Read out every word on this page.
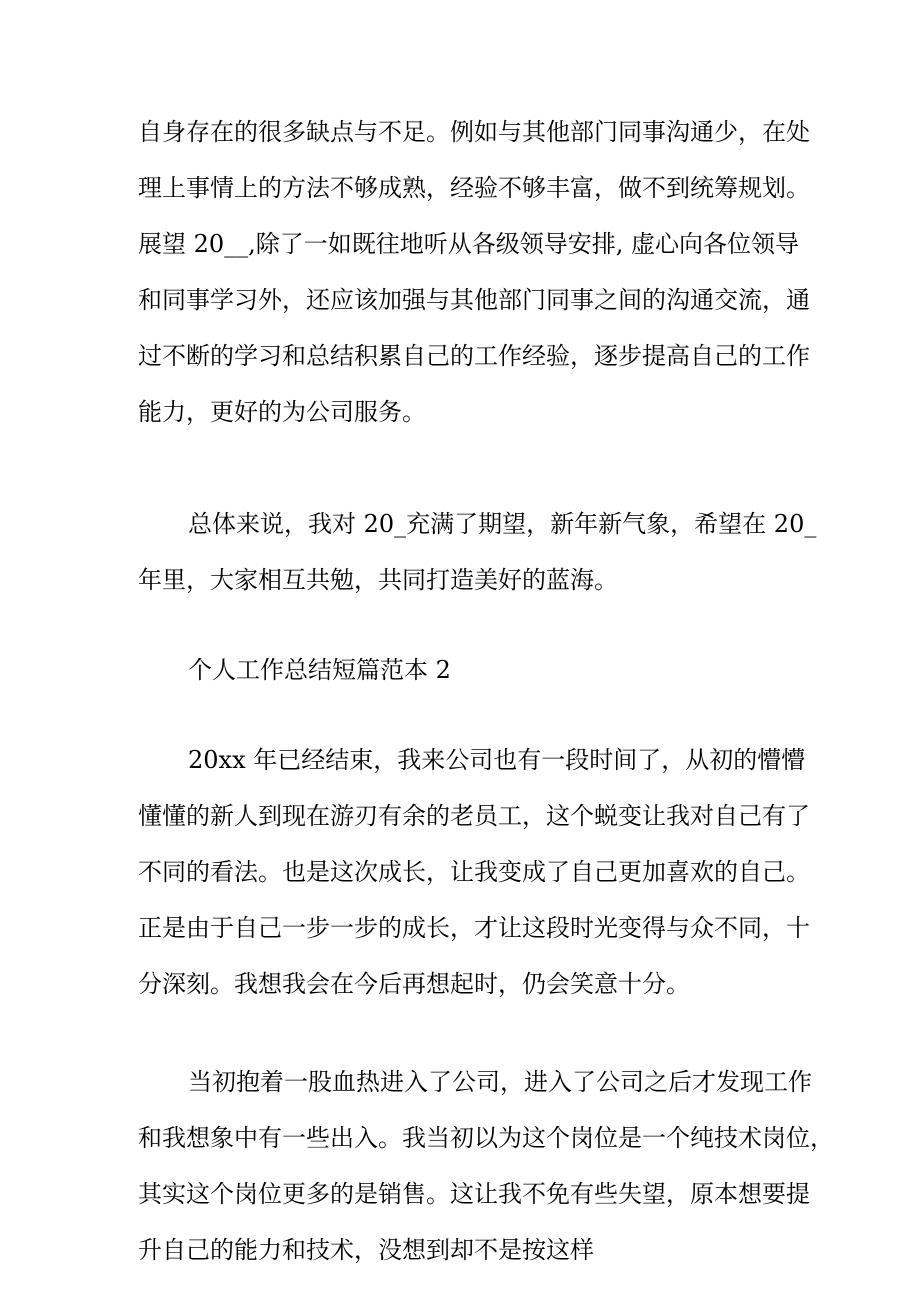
自身存在的很多缺点与不足。例如与其他部门同事沟通少，在处
理上事情上的方法不够成熟，经验不够丰富，做不到统筹规划。
展望 20__,除了一如既往地听从各级领导安排, 虚心向各位领导
和同事学习外，还应该加强与其他部门同事之间的沟通交流，通
过不断的学习和总结积累自己的工作经验，逐步提高自己的工作
能力，更好的为公司服务。
总体来说，我对 20_充满了期望，新年新气象，希望在 20_
年里，大家相互共勉，共同打造美好的蓝海。
个人工作总结短篇范本 2
20xx 年已经结束，我来公司也有一段时间了，从初的懵懵
懂懂的新人到现在游刃有余的老员工，这个蜕变让我对自己有了
不同的看法。也是这次成长，让我变成了自己更加喜欢的自己。
正是由于自己一步一步的成长，才让这段时光变得与众不同，十
分深刻。我想我会在今后再想起时，仍会笑意十分。
当初抱着一股血热进入了公司，进入了公司之后才发现工作
和我想象中有一些出入。我当初以为这个岗位是一个纯技术岗位，
其实这个岗位更多的是销售。这让我不免有些失望，原本想要提
升自己的能力和技术，没想到却不是按这样
